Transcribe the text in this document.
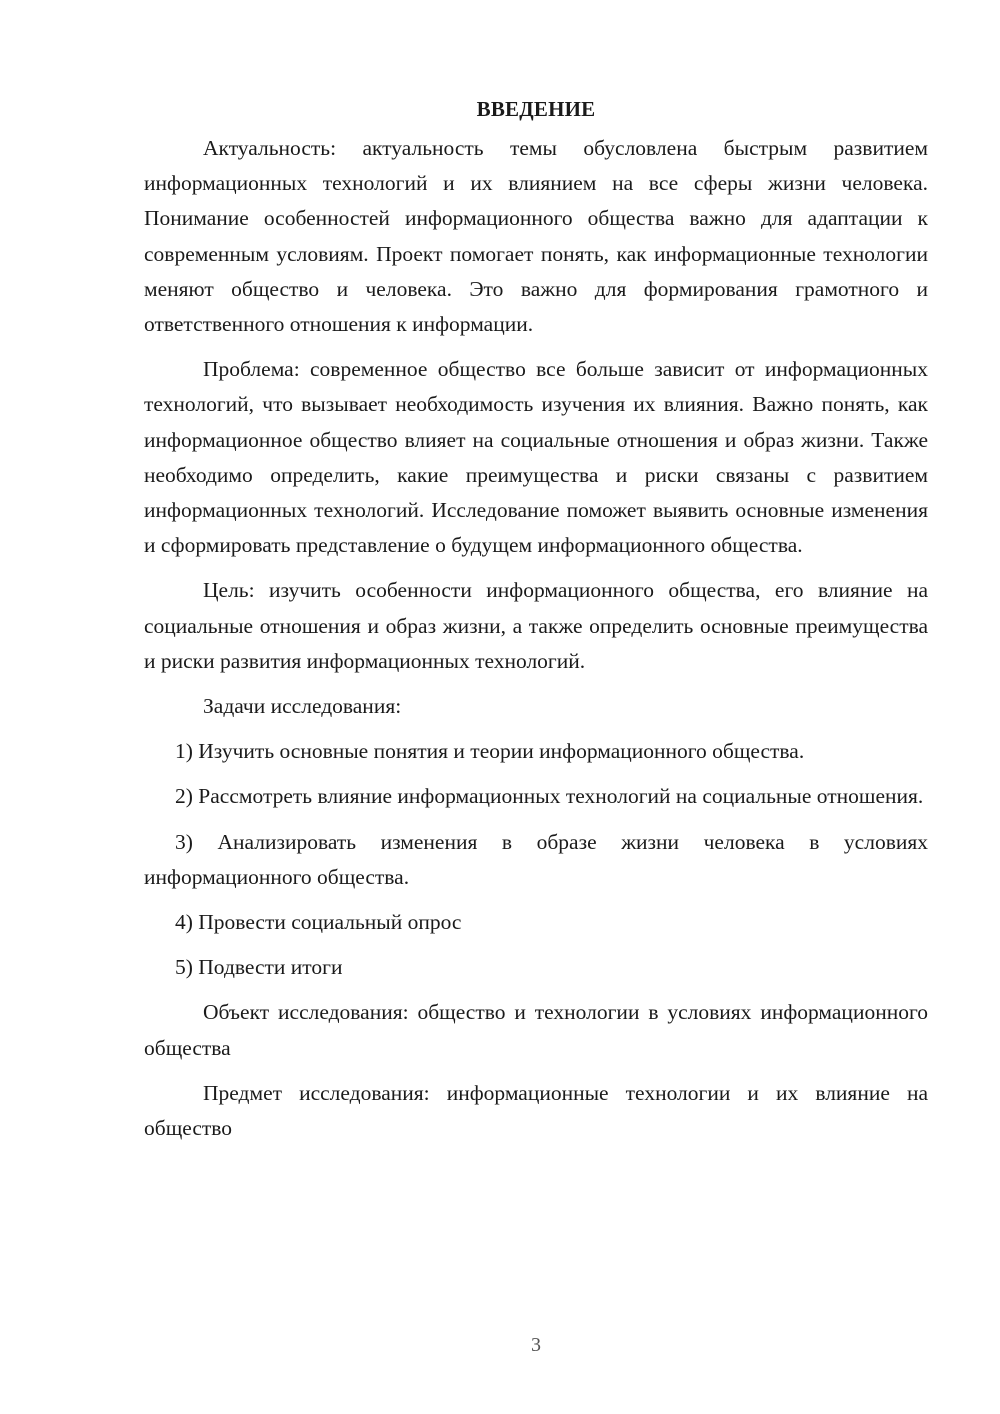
ВВЕДЕНИЕ

Актуальность: актуальность темы обусловлена быстрым развитием информационных технологий и их влиянием на все сферы жизни человека. Понимание особенностей информационного общества важно для адаптации к современным условиям. Проект помогает понять, как информационные технологии меняют общество и человека. Это важно для формирования грамотного и ответственного отношения к информации.

Проблема: современное общество все больше зависит от информационных технологий, что вызывает необходимость изучения их влияния. Важно понять, как информационное общество влияет на социальные отношения и образ жизни. Также необходимо определить, какие преимущества и риски связаны с развитием информационных технологий. Исследование поможет выявить основные изменения и сформировать представление о будущем информационного общества.

Цель: изучить особенности информационного общества, его влияние на социальные отношения и образ жизни, а также определить основные преимущества и риски развития информационных технологий.

Задачи исследования:

1) Изучить основные понятия и теории информационного общества.

2) Рассмотреть влияние информационных технологий на социальные отношения.

3) Анализировать изменения в образе жизни человека в условиях информационного общества.

4) Провести социальный опрос

5) Подвести итоги

Объект исследования: общество и технологии в условиях информационного общества

Предмет исследования: информационные технологии и их влияние на общество

3
